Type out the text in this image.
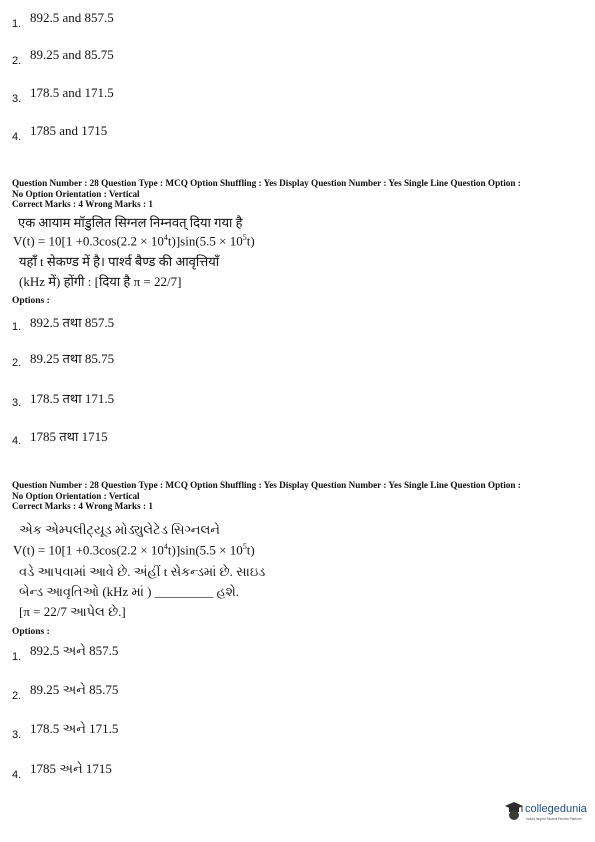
1. 892.5 and 857.5
2. 89.25 and 85.75
3. 178.5 and 171.5
4. 1785 and 1715
Question Number : 28 Question Type : MCQ Option Shuffling : Yes Display Question Number : Yes Single Line Question Option :
No Option Orientation : Vertical
Correct Marks : 4 Wrong Marks : 1
एक आयाम मॉडुलित सिग्नल निम्नवत् दिया गया है
$V(t) = 10[1 +0.3\cos(2.2 \times 10^4t)]\sin(5.5 \times 10^5t)$
यहाँ t सेकण्ड में है। पार्श्व बैण्ड की आवृत्तियाँ
(kHz में) होंगी : [दिया है π = 22/7]
Options :
1. 892.5 तथा 857.5
2. 89.25 तथा 85.75
3. 178.5 तथा 171.5
4. 1785 तथा 1715
Question Number : 28 Question Type : MCQ Option Shuffling : Yes Display Question Number : Yes Single Line Question Option :
No Option Orientation : Vertical
Correct Marks : 4 Wrong Marks : 1
એક એમ્પલીટ્યૂડ મોડ્યુલેટેડ સિગ્નલને
$V(t) = 10[1 +0.3\cos(2.2 \times 10^4t)]\sin(5.5 \times 10^5t)$
વડે આપવામાં આવે છે. અંહીં t સેકન્ડમાં છે. સાઇડ
બેન્ડ આવૃતિઓ (kHz માં ) _________ હશે.
[π = 22/7 આપેલ છે.]
Options :
1. 892.5 અને 857.5
2. 89.25 અને 85.75
3. 178.5 અને 171.5
4. 1785 અને 1715
collegedunia
India's largest Student Review Platform
